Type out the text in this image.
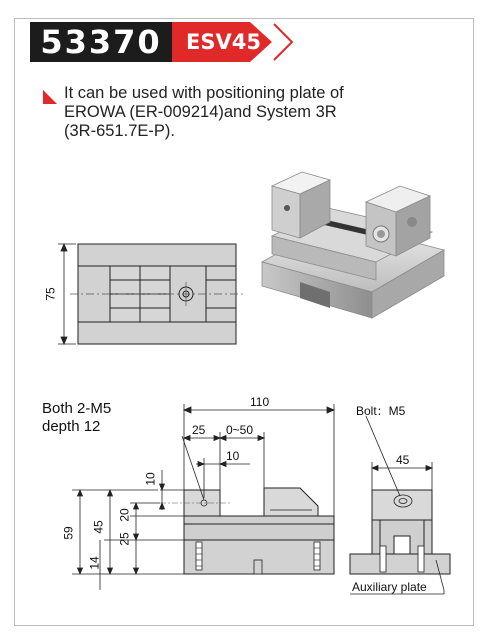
53370	ESV45
It can be used with positioning plate of
EROWA (ER-009214)and System 3R
(3R-651.7E-P).
75
Both 2-M5
depth 12
110
25 0~50
10
10
20
59 45
25
14
Bolt：M5
45
Auxiliary plate
